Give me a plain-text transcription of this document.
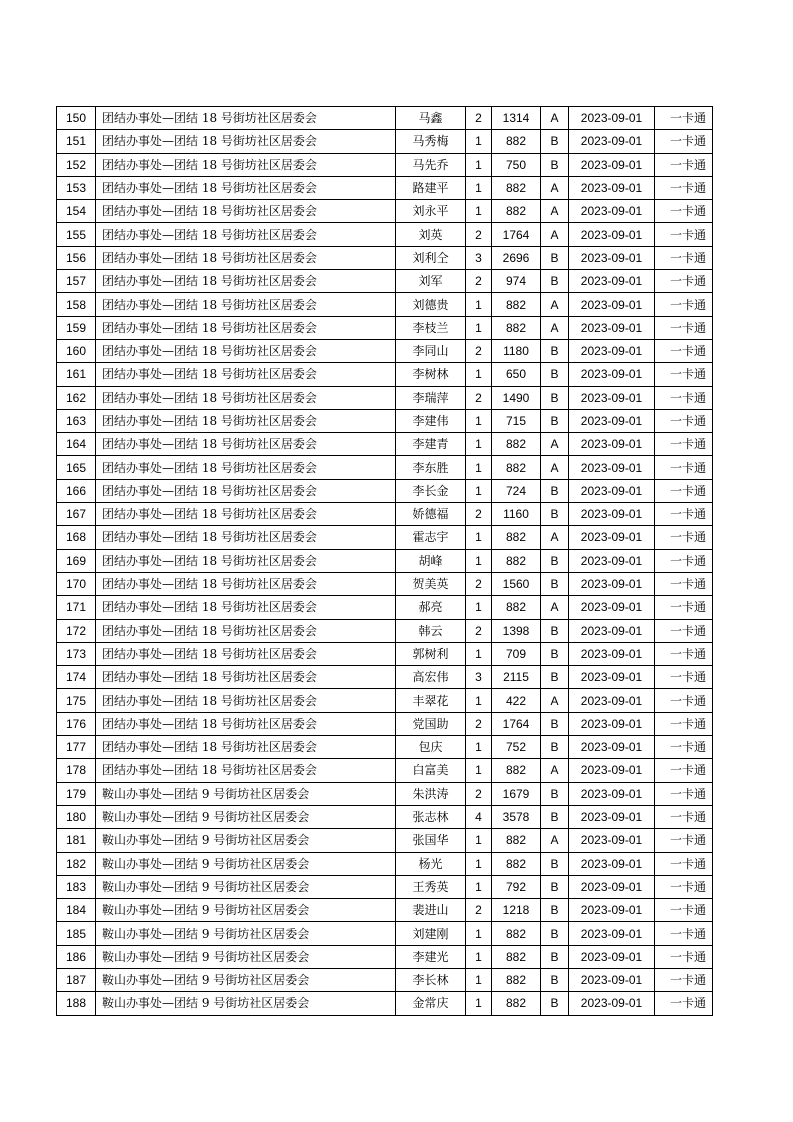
150	团结办事处—团结 18 号街坊社区居委会	马鑫	2	1314	A	2023-09-01	一卡通
151	团结办事处—团结 18 号街坊社区居委会	马秀梅	1	882	B	2023-09-01	一卡通
152	团结办事处—团结 18 号街坊社区居委会	马先乔	1	750	B	2023-09-01	一卡通
153	团结办事处—团结 18 号街坊社区居委会	路建平	1	882	A	2023-09-01	一卡通
154	团结办事处—团结 18 号街坊社区居委会	刘永平	1	882	A	2023-09-01	一卡通
155	团结办事处—团结 18 号街坊社区居委会	刘英	2	1764	A	2023-09-01	一卡通
156	团结办事处—团结 18 号街坊社区居委会	刘利仝	3	2696	B	2023-09-01	一卡通
157	团结办事处—团结 18 号街坊社区居委会	刘军	2	974	B	2023-09-01	一卡通
158	团结办事处—团结 18 号街坊社区居委会	刘德贵	1	882	A	2023-09-01	一卡通
159	团结办事处—团结 18 号街坊社区居委会	李枝兰	1	882	A	2023-09-01	一卡通
160	团结办事处—团结 18 号街坊社区居委会	李同山	2	1180	B	2023-09-01	一卡通
161	团结办事处—团结 18 号街坊社区居委会	李树林	1	650	B	2023-09-01	一卡通
162	团结办事处—团结 18 号街坊社区居委会	李瑞萍	2	1490	B	2023-09-01	一卡通
163	团结办事处—团结 18 号街坊社区居委会	李建伟	1	715	B	2023-09-01	一卡通
164	团结办事处—团结 18 号街坊社区居委会	李建青	1	882	A	2023-09-01	一卡通
165	团结办事处—团结 18 号街坊社区居委会	李东胜	1	882	A	2023-09-01	一卡通
166	团结办事处—团结 18 号街坊社区居委会	李长金	1	724	B	2023-09-01	一卡通
167	团结办事处—团结 18 号街坊社区居委会	娇德福	2	1160	B	2023-09-01	一卡通
168	团结办事处—团结 18 号街坊社区居委会	霍志宇	1	882	A	2023-09-01	一卡通
169	团结办事处—团结 18 号街坊社区居委会	胡峰	1	882	B	2023-09-01	一卡通
170	团结办事处—团结 18 号街坊社区居委会	贺美英	2	1560	B	2023-09-01	一卡通
171	团结办事处—团结 18 号街坊社区居委会	郝亮	1	882	A	2023-09-01	一卡通
172	团结办事处—团结 18 号街坊社区居委会	韩云	2	1398	B	2023-09-01	一卡通
173	团结办事处—团结 18 号街坊社区居委会	郭树利	1	709	B	2023-09-01	一卡通
174	团结办事处—团结 18 号街坊社区居委会	高宏伟	3	2115	B	2023-09-01	一卡通
175	团结办事处—团结 18 号街坊社区居委会	丰翠花	1	422	A	2023-09-01	一卡通
176	团结办事处—团结 18 号街坊社区居委会	党国助	2	1764	B	2023-09-01	一卡通
177	团结办事处—团结 18 号街坊社区居委会	包庆	1	752	B	2023-09-01	一卡通
178	团结办事处—团结 18 号街坊社区居委会	白富美	1	882	A	2023-09-01	一卡通
179	鞍山办事处—团结 9 号街坊社区居委会	朱洪涛	2	1679	B	2023-09-01	一卡通
180	鞍山办事处—团结 9 号街坊社区居委会	张志林	4	3578	B	2023-09-01	一卡通
181	鞍山办事处—团结 9 号街坊社区居委会	张国华	1	882	A	2023-09-01	一卡通
182	鞍山办事处—团结 9 号街坊社区居委会	杨光	1	882	B	2023-09-01	一卡通
183	鞍山办事处—团结 9 号街坊社区居委会	王秀英	1	792	B	2023-09-01	一卡通
184	鞍山办事处—团结 9 号街坊社区居委会	裴进山	2	1218	B	2023-09-01	一卡通
185	鞍山办事处—团结 9 号街坊社区居委会	刘建刚	1	882	B	2023-09-01	一卡通
186	鞍山办事处—团结 9 号街坊社区居委会	李建光	1	882	B	2023-09-01	一卡通
187	鞍山办事处—团结 9 号街坊社区居委会	李长林	1	882	B	2023-09-01	一卡通
188	鞍山办事处—团结 9 号街坊社区居委会	金常庆	1	882	B	2023-09-01	一卡通
